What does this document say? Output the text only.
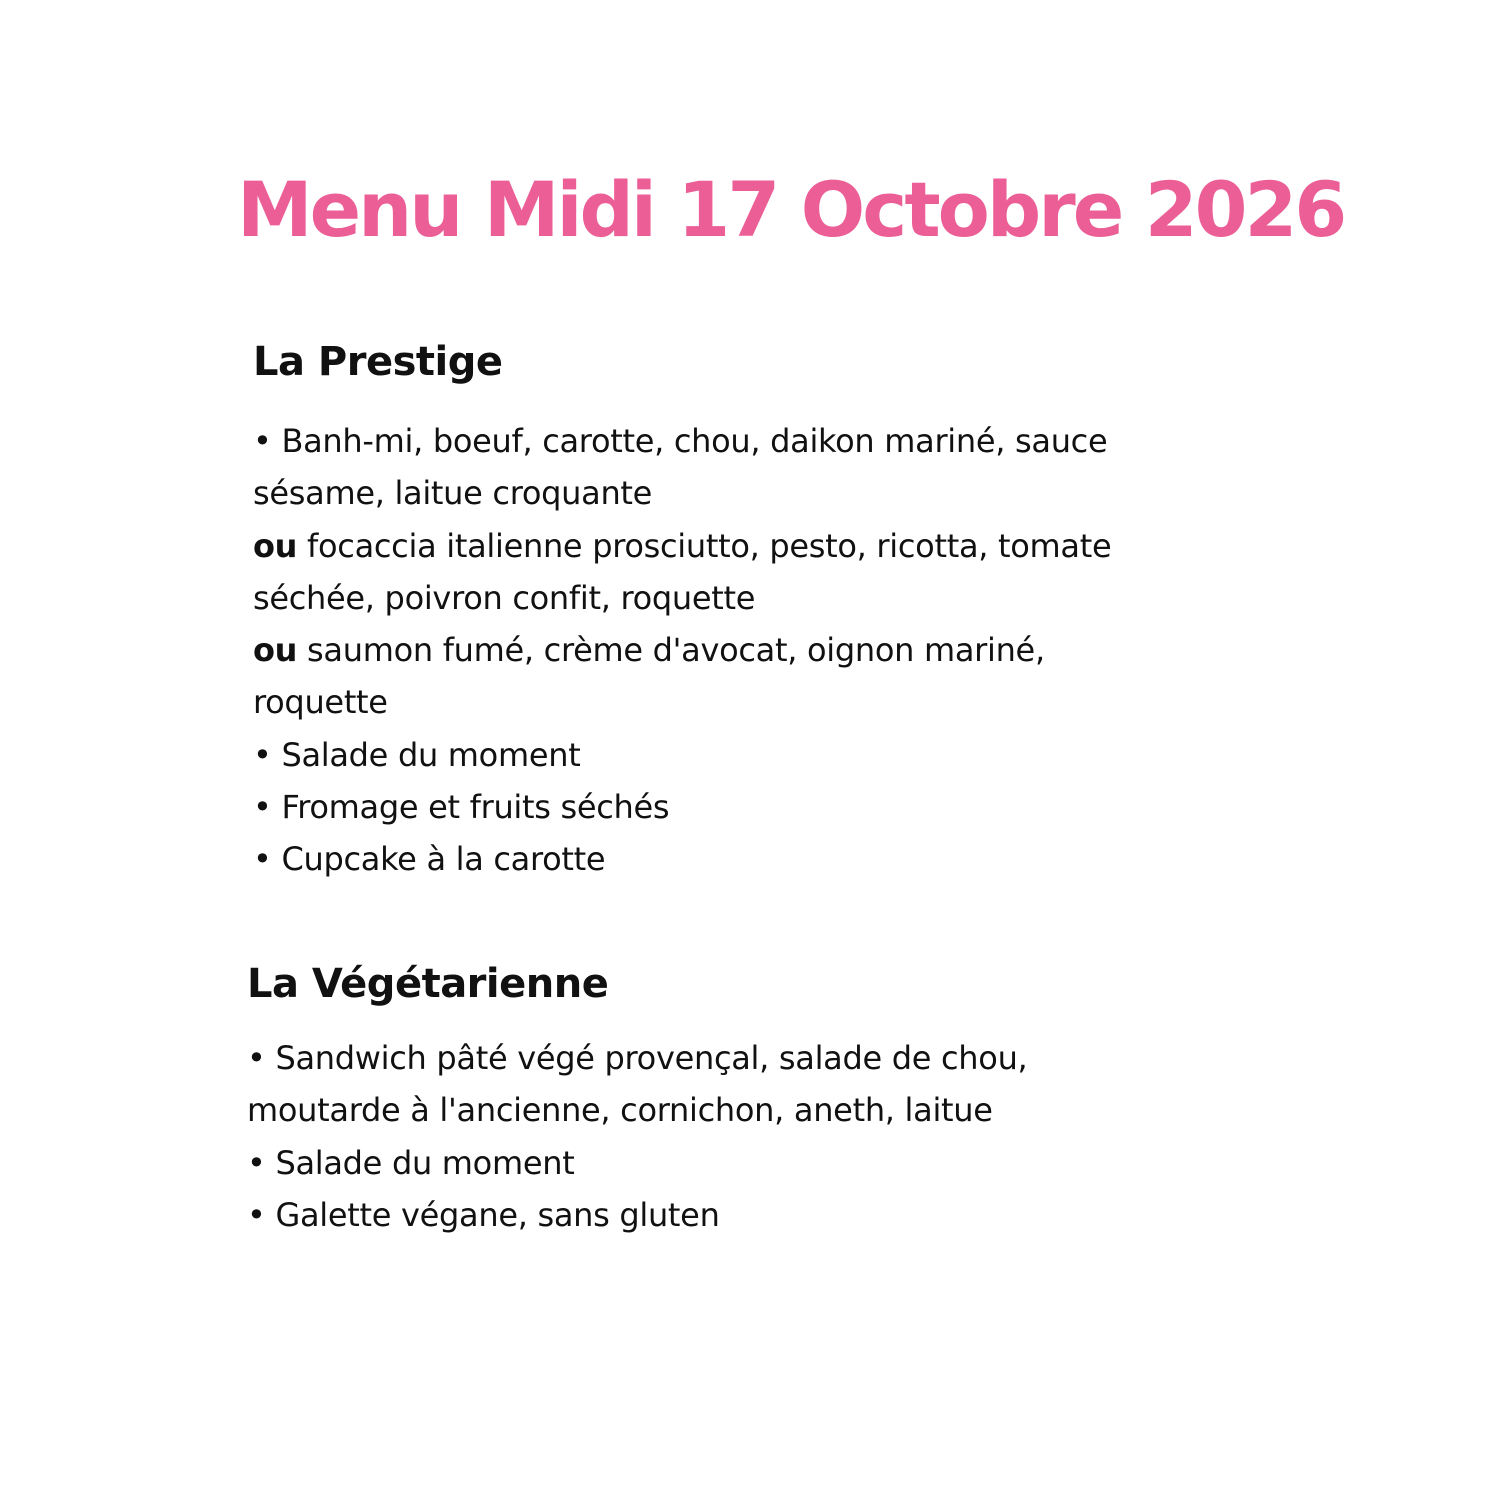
Menu Midi 17 Octobre 2026
La Prestige

• Banh-mi, boeuf, carotte, chou, daikon mariné, sauce

sésame, laitue croquante

ou focaccia italienne prosciutto, pesto, ricotta, tomate

séchée, poivron confit, roquette

ou saumon fumé, crème d'avocat, oignon mariné,

roquette

• Salade du moment

• Fromage et fruits séchés

• Cupcake à la carotte

La Végétarienne

• Sandwich pâté végé provençal, salade de chou,

moutarde à l'ancienne, cornichon, aneth, laitue

• Salade du moment

• Galette végane, sans gluten
